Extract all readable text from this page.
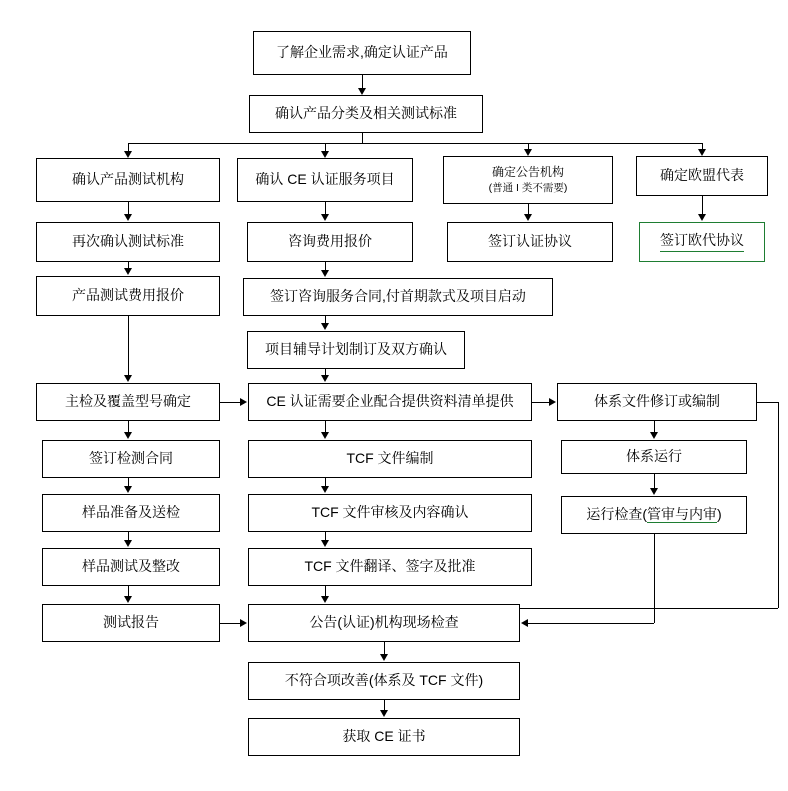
了解企业需求,确定认证产品
确认产品分类及相关测试标准
确认产品测试机构	确认 CE 认证服务项目	确定公告机构
(普通 I 类不需要)
确定欧盟代表
再次确认测试标准	咨询费用报价	签订认证协议	签订欧代协议
产品测试费用报价	签订咨询服务合同,付首期款式及项目启动
项目辅导计划制订及双方确认
主检及覆盖型号确定	CE 认证需要企业配合提供资料清单提供	体系文件修订或编制
签订检测合同	TCF 文件编制	体系运行
样品准备及送检	TCF 文件审核及内容确认	运行检查(管审与内审)
样品测试及整改	TCF 文件翻译、签字及批准
测试报告	公告(认证)机构现场检查
不符合项改善(体系及 TCF 文件)
获取 CE 证书
